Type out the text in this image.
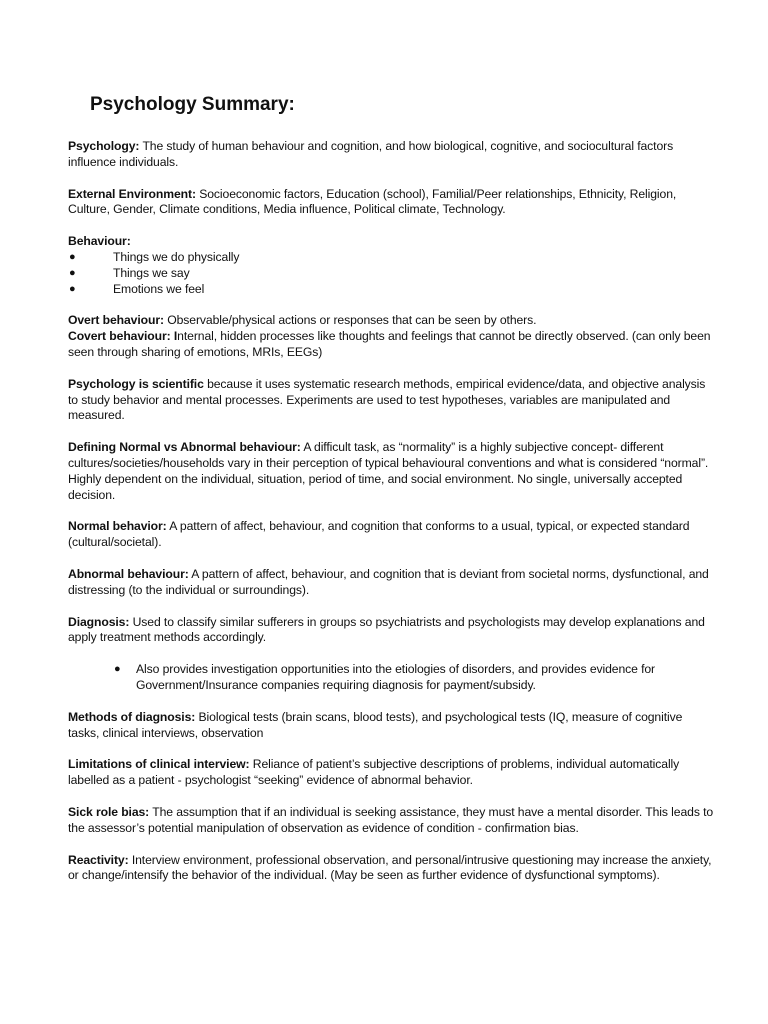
Psychology Summary:

Psychology: The study of human behaviour and cognition, and how biological, cognitive, and sociocultural factors influence individuals.

External Environment: Socioeconomic factors, Education (school), Familial/Peer relationships, Ethnicity, Religion, Culture, Gender, Climate conditions, Media influence, Political climate, Technology.

Behaviour:

●	Things we do physically
●	Things we say
●	Emotions we feel

Overt behaviour: Observable/physical actions or responses that can be seen by others.

Covert behaviour: Internal, hidden processes like thoughts and feelings that cannot be directly observed. (can only been seen through sharing of emotions, MRIs, EEGs)

Psychology is scientific because it uses systematic research methods, empirical evidence/data, and objective analysis to study behavior and mental processes. Experiments are used to test hypotheses, variables are manipulated and measured.

Defining Normal vs Abnormal behaviour: A difficult task, as “normality” is a highly subjective concept- different cultures/societies/households vary in their perception of typical behavioural conventions and what is considered “normal”. Highly dependent on the individual, situation, period of time, and social environment. No single, universally accepted decision.

Normal behavior: A pattern of affect, behaviour, and cognition that conforms to a usual, typical, or expected standard (cultural/societal).

Abnormal behaviour: A pattern of affect, behaviour, and cognition that is deviant from societal norms, dysfunctional, and distressing (to the individual or surroundings).

Diagnosis: Used to classify similar sufferers in groups so psychiatrists and psychologists may develop explanations and apply treatment methods accordingly.

● Also provides investigation opportunities into the etiologies of disorders, and provides evidence for Government/Insurance companies requiring diagnosis for payment/subsidy.

Methods of diagnosis: Biological tests (brain scans, blood tests), and psychological tests (IQ, measure of cognitive tasks, clinical interviews, observation

Limitations of clinical interview: Reliance of patient’s subjective descriptions of problems, individual automatically labelled as a patient - psychologist “seeking” evidence of abnormal behavior.

Sick role bias: The assumption that if an individual is seeking assistance, they must have a mental disorder. This leads to the assessor’s potential manipulation of observation as evidence of condition - confirmation bias.

Reactivity: Interview environment, professional observation, and personal/intrusive questioning may increase the anxiety, or change/intensify the behavior of the individual. (May be seen as further evidence of dysfunctional symptoms).
